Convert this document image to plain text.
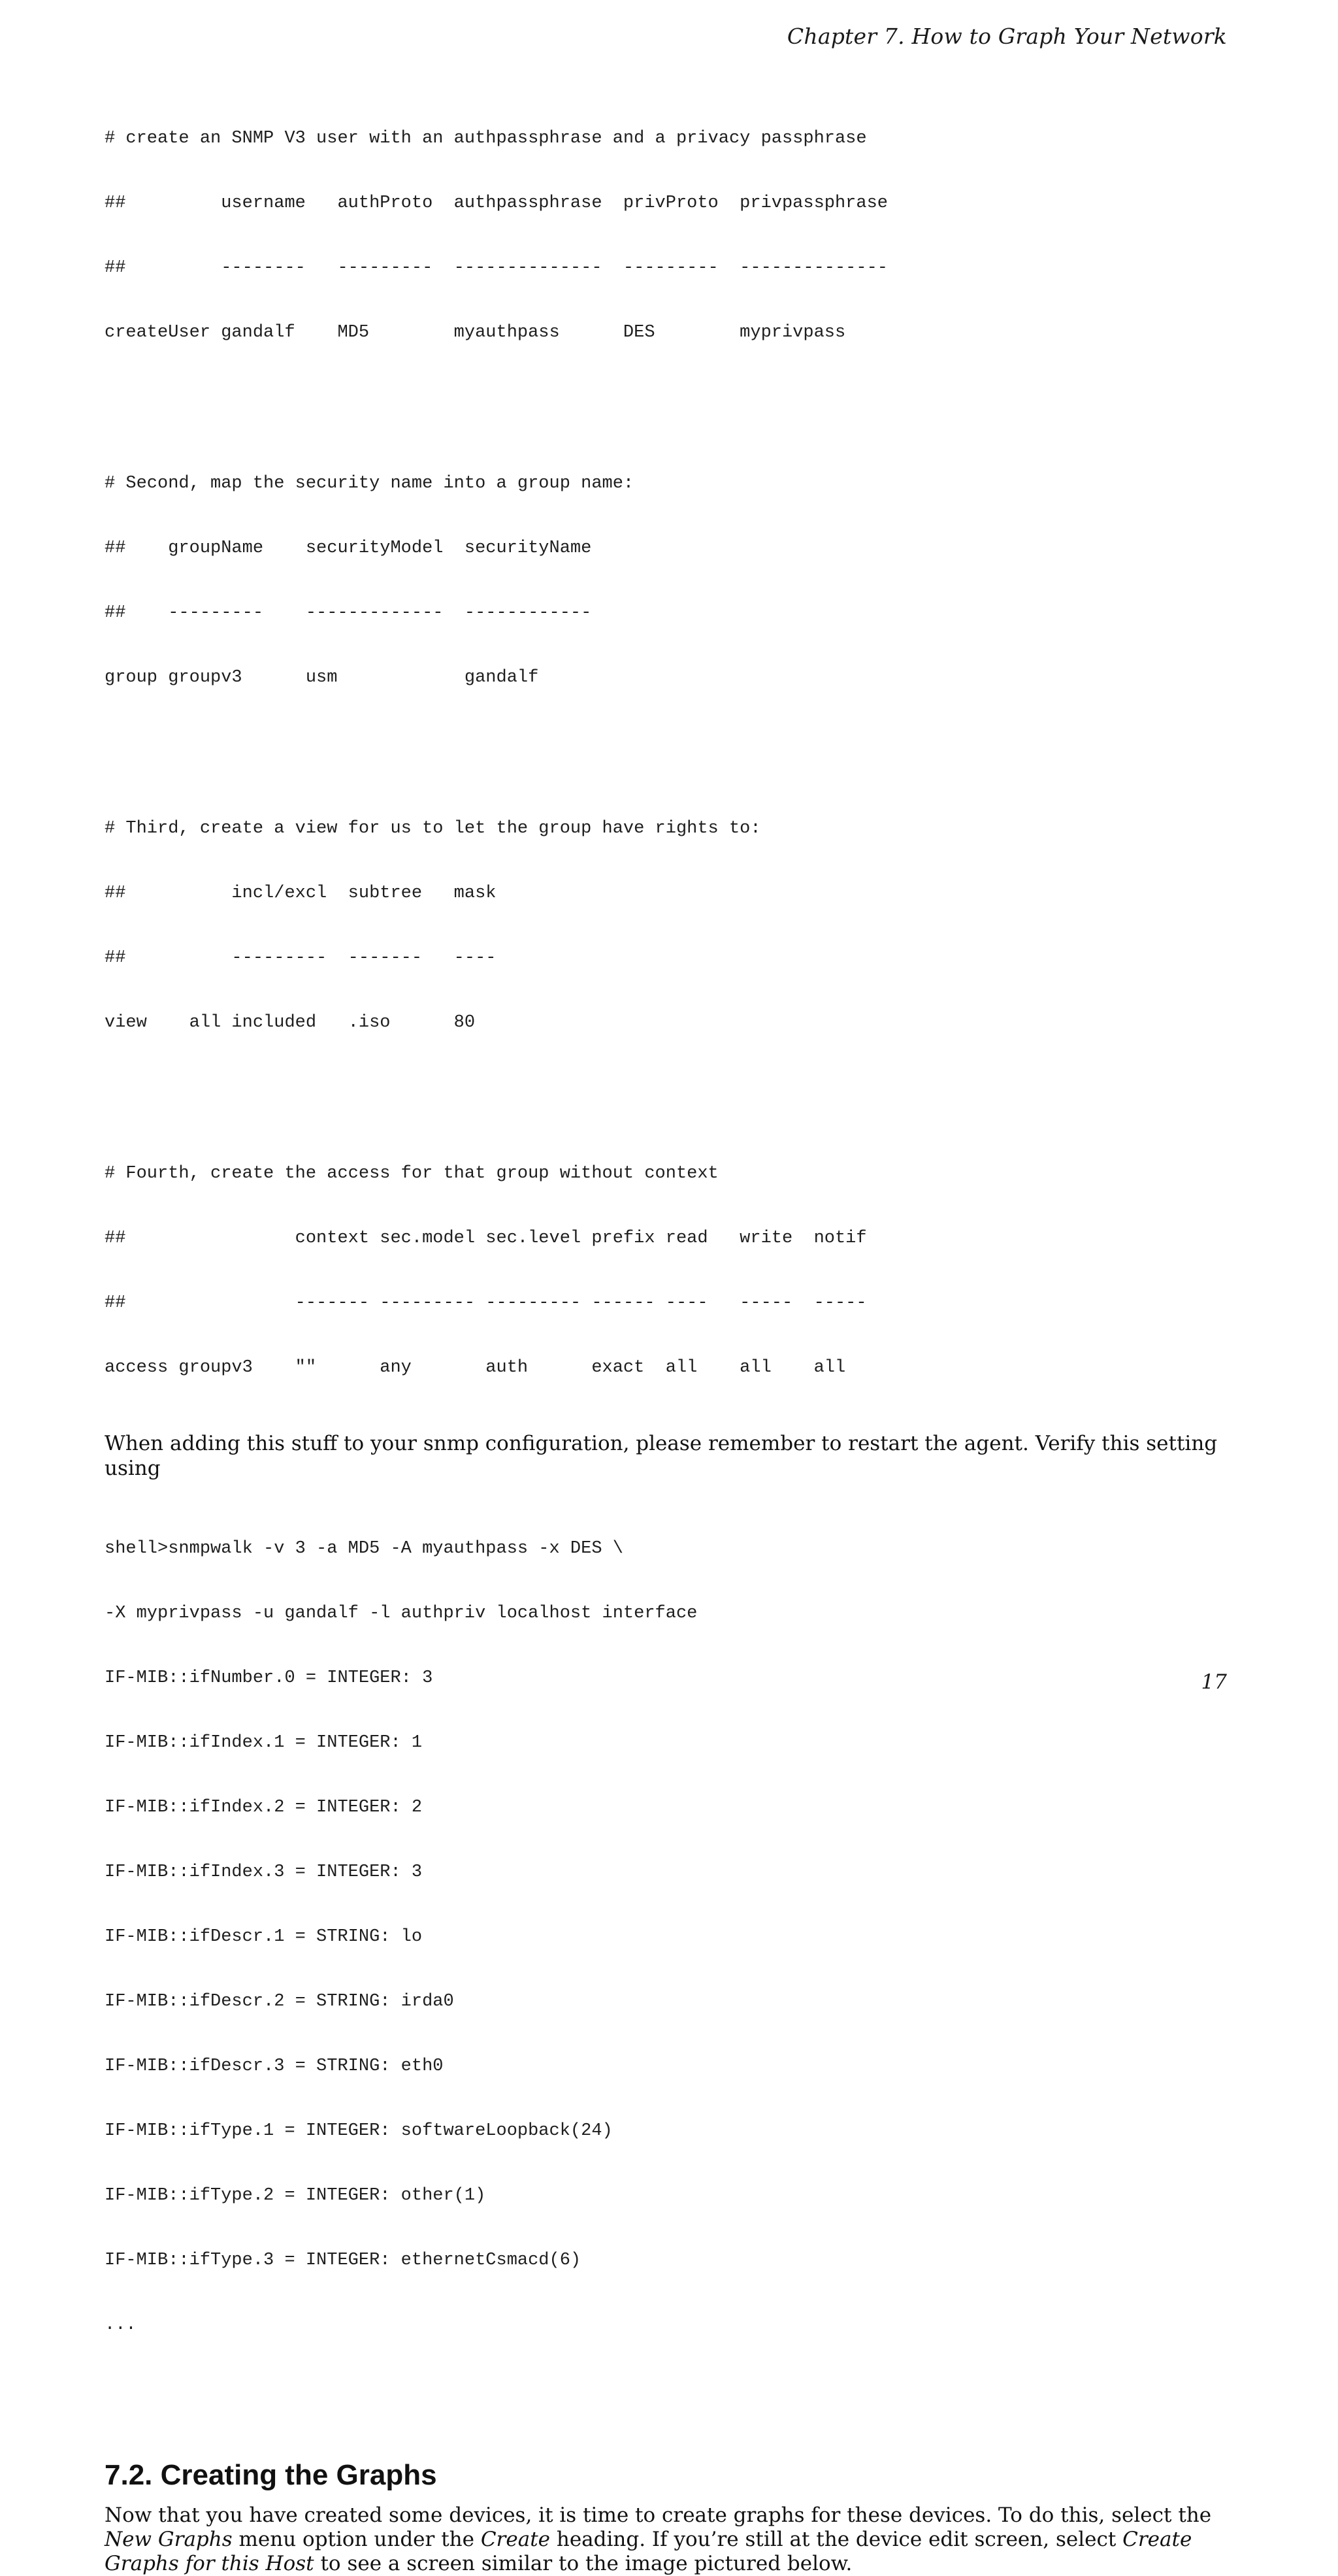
Chapter 7. How to Graph Your Network

# create an SNMP V3 user with an authpassphrase and a privacy passphrase

##         username   authProto  authpassphrase  privProto  privpassphrase

##         --------   ---------  --------------  ---------  --------------

createUser gandalf    MD5        myauthpass      DES        myprivpass

# Second, map the security name into a group name:

##    groupName    securityModel  securityName

##    ---------    -------------  ------------

group groupv3      usm            gandalf

# Third, create a view for us to let the group have rights to:

##          incl/excl  subtree   mask

##          ---------  -------   ----

view    all included   .iso      80

# Fourth, create the access for that group without context

##                context sec.model sec.level prefix read   write  notif

##                ------- --------- --------- ------ ----   -----  -----

access groupv3    ""      any       auth      exact  all    all    all

When adding this stuff to your snmp configuration, please remember to restart the agent. Verify this setting using

shell>snmpwalk -v 3 -a MD5 -A myauthpass -x DES \

-X myprivpass -u gandalf -l authpriv localhost interface

IF-MIB::ifNumber.0 = INTEGER: 3

IF-MIB::ifIndex.1 = INTEGER: 1

IF-MIB::ifIndex.2 = INTEGER: 2

IF-MIB::ifIndex.3 = INTEGER: 3

IF-MIB::ifDescr.1 = STRING: lo

IF-MIB::ifDescr.2 = STRING: irda0

IF-MIB::ifDescr.3 = STRING: eth0

IF-MIB::ifType.1 = INTEGER: softwareLoopback(24)

IF-MIB::ifType.2 = INTEGER: other(1)

IF-MIB::ifType.3 = INTEGER: ethernetCsmacd(6)

...

7.2. Creating the Graphs

Now that you have created some devices, it is time to create graphs for these devices. To do this, select the New Graphs menu option under the Create heading. If you’re still at the device edit screen, select Create Graphs for this Host to see a screen similar to the image pictured below.

17
